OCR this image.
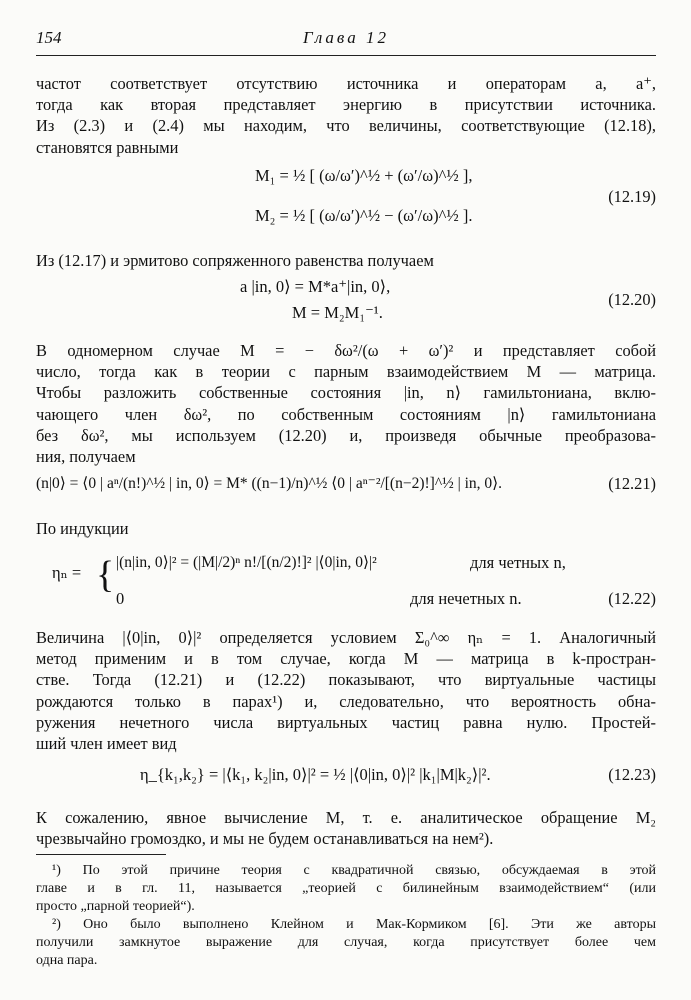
154	Глава 12
частот соответствует отсутствию источника и операторам a, a⁺,
тогда как вторая представляет энергию в присутствии источника.
Из (2.3) и (2.4) мы находим, что величины, соответствующие (12.18),
становятся равными
M₁ = ½ [ (ω/ω′)^½ + (ω′/ω)^½ ],
M₂ = ½ [ (ω/ω′)^½ − (ω′/ω)^½ ].
(12.19)
Из (12.17) и эрмитово сопряженного равенства получаем
a |in, 0⟩ = M*a⁺|in, 0⟩,
M = M₂M₁⁻¹.
(12.20)
В одномерном случае M = − δω²/(ω + ω′)² и представляет собой
число, тогда как в теории с парным взаимодействием M — матрица.
Чтобы разложить собственные состояния |in, n⟩ гамильтониана, вклю-
чающего член δω², по собственным состояниям |n⟩ гамильтониана
без δω², мы используем (12.20) и, произведя обычные преобразова-
ния, получаем
(n|0⟩ = ⟨0 | aⁿ/(n!)^½ | in, 0⟩ = M* ((n−1)/n)^½ ⟨0 | aⁿ⁻²/[(n−2)!]^½ | in, 0⟩.	(12.21)
По индукции
ηₙ = { |(n|in, 0⟩|² = (|M|/2)ⁿ n!/[(n/2)!]² |⟨0|in, 0⟩|²	для четных n,
0	для нечетных n.	(12.22)
Величина |⟨0|in, 0⟩|² определяется условием Σ₀^∞ ηₙ = 1. Аналогичный
метод применим и в том случае, когда M — матрица в k-простран-
стве. Тогда (12.21) и (12.22) показывают, что виртуальные частицы
рождаются только в парах¹) и, следовательно, что вероятность обна-
ружения нечетного числа виртуальных частиц равна нулю. Простей-
ший член имеет вид
η_{k₁,k₂} = |⟨k₁, k₂|in, 0⟩|² = ½ |⟨0|in, 0⟩|² |k₁|M|k₂⟩|².	(12.23)
К сожалению, явное вычисление M, т. е. аналитическое обращение M₂
чрезвычайно громоздко, и мы не будем останавливаться на нем²).
¹) По этой причине теория с квадратичной связью, обсуждаемая в этой
главе и в гл. 11, называется „теорией с билинейным взаимодействием“ (или
просто „парной теорией“).
²) Оно было выполнено Клейном и Мак-Кормиком [6]. Эти же авторы
получили замкнутое выражение для случая, когда присутствует более чем
одна пара.
